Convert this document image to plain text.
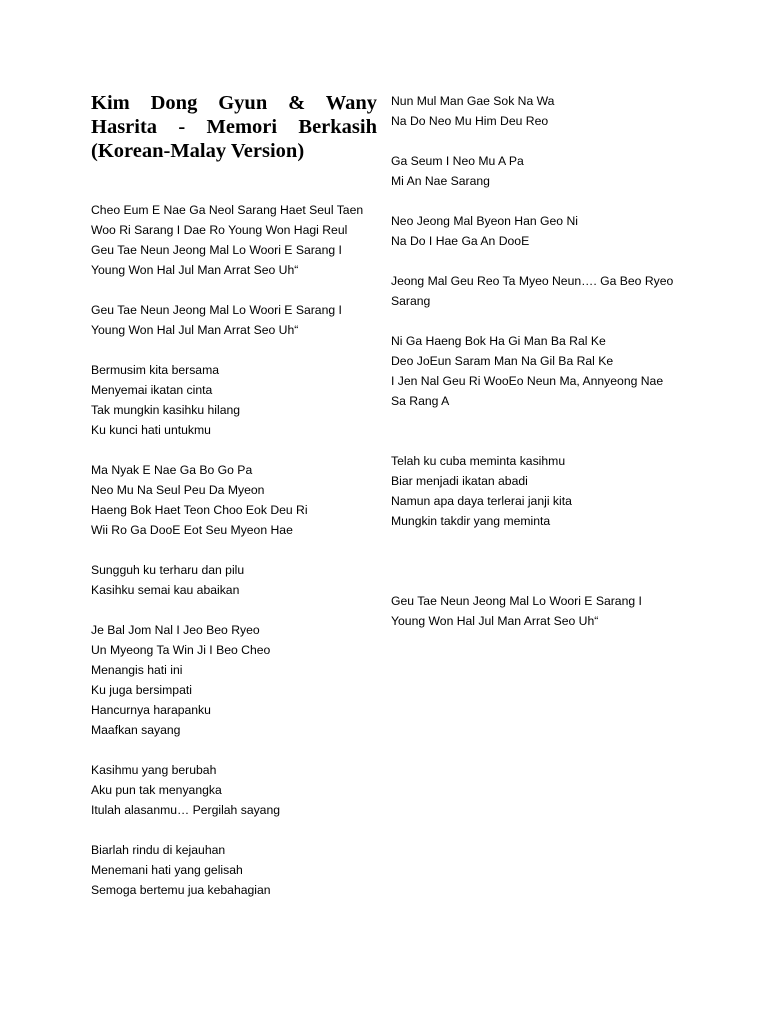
Kim Dong Gyun & Wany
Hasrita - Memori Berkasih
(Korean-Malay Version)
Cheo Eum E Nae Ga Neol Sarang Haet Seul Taen
Woo Ri Sarang I Dae Ro Young Won Hagi Reul
Geu Tae Neun Jeong Mal Lo Woori E Sarang I
Young Won Hal Jul Man Arrat Seo Uh“
Geu Tae Neun Jeong Mal Lo Woori E Sarang I
Young Won Hal Jul Man Arrat Seo Uh“
Bermusim kita bersama
Menyemai ikatan cinta
Tak mungkin kasihku hilang
Ku kunci hati untukmu
Ma Nyak E Nae Ga Bo Go Pa
Neo Mu Na Seul Peu Da Myeon
Haeng Bok Haet Teon Choo Eok Deu Ri
Wii Ro Ga DooE Eot Seu Myeon Hae
Sungguh ku terharu dan pilu
Kasihku semai kau abaikan
Je Bal Jom Nal I Jeo Beo Ryeo
Un Myeong Ta Win Ji I Beo Cheo
Menangis hati ini
Ku juga bersimpati
Hancurnya harapanku
Maafkan sayang
Kasihmu yang berubah
Aku pun tak menyangka
Itulah alasanmu… Pergilah sayang
Biarlah rindu di kejauhan
Menemani hati yang gelisah
Semoga bertemu jua kebahagian
Nun Mul Man Gae Sok Na Wa
Na Do Neo Mu Him Deu Reo
Ga Seum I Neo Mu A Pa
Mi An Nae Sarang
Neo Jeong Mal Byeon Han Geo Ni
Na Do I Hae Ga An DooE
Jeong Mal Geu Reo Ta Myeo Neun…. Ga Beo Ryeo
Sarang
Ni Ga Haeng Bok Ha Gi Man Ba Ral Ke
Deo JoEun Saram Man Na Gil Ba Ral Ke
I Jen Nal Geu Ri WooEo Neun Ma, Annyeong Nae
Sa Rang A
Telah ku cuba meminta kasihmu
Biar menjadi ikatan abadi
Namun apa daya terlerai janji kita
Mungkin takdir yang meminta
Geu Tae Neun Jeong Mal Lo Woori E Sarang I
Young Won Hal Jul Man Arrat Seo Uh“
